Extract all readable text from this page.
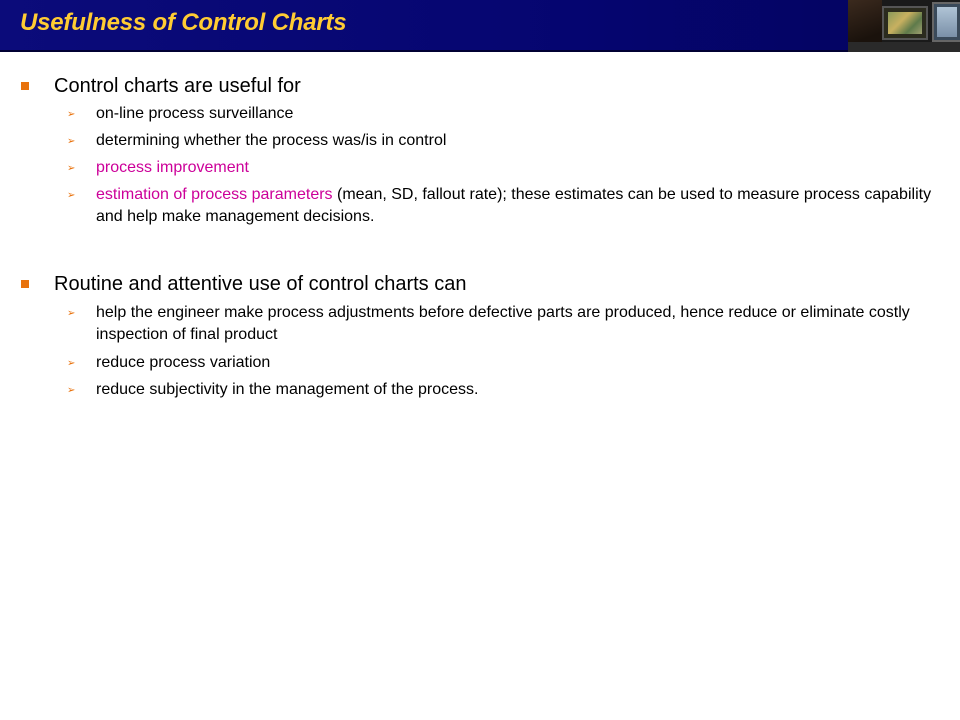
Usefulness of Control Charts
Control charts are useful for
➢ on-line process surveillance
➢ determining whether the process was/is in control
➢ process improvement
➢ estimation of process parameters (mean, SD, fallout rate); these estimates can be used to measure process capability and help make management decisions.
Routine and attentive use of control charts can
➢ help the engineer make process adjustments before defective parts are produced, hence reduce or eliminate costly inspection of final product
➢ reduce process variation
➢ reduce subjectivity in the management of the process.
